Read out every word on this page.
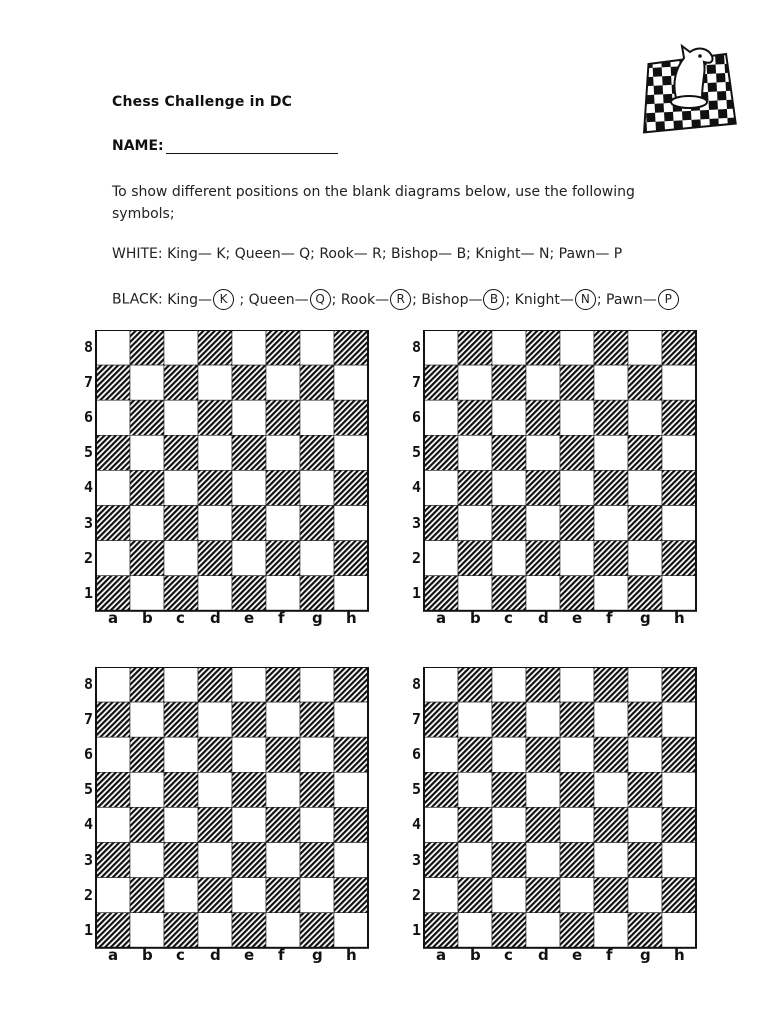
Chess Challenge in DC
NAME:
To show different positions on the blank diagrams below, use the following symbols;
WHITE: King— K; Queen— Q; Rook— R; Bishop— B; Knight— N; Pawn— P
BLACK: King— K ; Queen— Q ; Rook— R ; Bishop— B ; Knight— N ; Pawn— P
8
7
6
5
4
3
2
1
a b c d e f g h
8
7
6
5
4
3
2
1
a b c d e f g h
8
7
6
5
4
3
2
1
a b c d e f g h
8
7
6
5
4
3
2
1
a b c d e f g h
